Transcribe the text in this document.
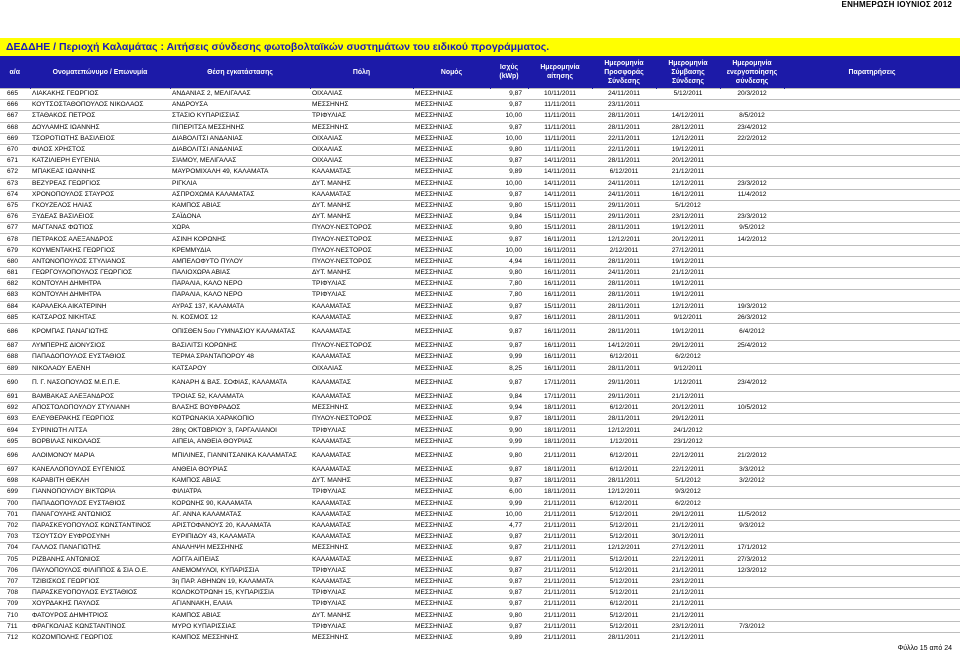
ΕΝΗΜΕΡΩΣΗ ΙΟΥΝΙΟΣ 2012
ΔΕΔΔΗΕ / Περιοχή Καλαμάτας : Αιτήσεις σύνδεσης φωτοβολταϊκών συστημάτων του ειδικού προγράμματος.
α/α	Ονοματεπώνυμο / Επωνυμία	Θέση εγκατάστασης	Πόλη	Νομός	Ισχύς (kWp)	Ημερομηνία αίτησης	Ημερομηνία Προσφοράς Σύνδεσης	Ημερομηνία Σύμβασης Σύνδεσης	Ημερομηνία ενεργοποίησης σύνδεσης	Παρατηρήσεις
665	ΛΙΑΚΑΚΗΣ ΓΕΩΡΓΙΟΣ	ΑΝΔΑΝΙΑΣ 2, ΜΕΛΙΓΑΛΑΣ	ΟΙΧΑΛΙΑΣ	ΜΕΣΣΗΝΙΑΣ	9,87	10/11/2011	24/11/2011	5/12/2011	20/3/2012	
666	ΚΟΥΤΣΟΣΤΑΘΟΠΟΥΛΟΣ ΝΙΚΟΛΑΟΣ	ΑΝΔΡΟΥΣΑ	ΜΕΣΣΗΝΗΣ	ΜΕΣΣΗΝΙΑΣ	9,87	11/11/2011	23/11/2011			
667	ΣΤΑΘΑΚΟΣ ΠΕΤΡΟΣ	ΣΤΑΣΙΟ ΚΥΠΑΡΙΣΣΙΑΣ	ΤΡΙΦΥΛΙΑΣ	ΜΕΣΣΗΝΙΑΣ	10,00	11/11/2011	28/11/2011	14/12/2011	8/5/2012	
668	ΔΟΥΛΑΜΗΣ ΙΩΑΝΝΗΣ	ΠΙΠΕΡΙΤΣΑ ΜΕΣΣΗΝΗΣ	ΜΕΣΣΗΝΗΣ	ΜΕΣΣΗΝΙΑΣ	9,87	11/11/2011	28/11/2011	28/12/2011	23/4/2012	
669	ΤΣΟΡΟΤΙΩΤΗΣ ΒΑΣΙΛΕΙΟΣ	ΔΙΑΒΟΛΙΤΣΙ ΑΝΔΑΝΙΑΣ	ΟΙΧΑΛΙΑΣ	ΜΕΣΣΗΝΙΑΣ	10,00	11/11/2011	22/11/2011	12/12/2011	22/2/2012	
670	ΦΙΛΟΣ ΧΡΗΣΤΟΣ	ΔΙΑΒΟΛΙΤΣΙ ΑΝΔΑΝΙΑΣ	ΟΙΧΑΛΙΑΣ	ΜΕΣΣΗΝΙΑΣ	9,80	11/11/2011	22/11/2011	19/12/2011		
671	ΚΑΤΖΙΛΙΕΡΗ ΕΥΓΕΝΙΑ	ΣΙΑΜΟΥ, ΜΕΛΙΓΑΛΑΣ	ΟΙΧΑΛΙΑΣ	ΜΕΣΣΗΝΙΑΣ	9,87	14/11/2011	28/11/2011	20/12/2011		
672	ΜΠΑΚΕΑΣ ΙΩΑΝΝΗΣ	ΜΑΥΡΟΜΙΧΑΛΗ 49, ΚΑΛΑΜΑΤΑ	ΚΑΛΑΜΑΤΑΣ	ΜΕΣΣΗΝΙΑΣ	9,89	14/11/2011	6/12/2011	21/12/2011		
673	ΒΕΖΥΡΕΑΣ ΓΕΩΡΓΙΟΣ	ΡΙΓΚΛΙΑ	ΔΥΤ. ΜΑΝΗΣ	ΜΕΣΣΗΝΙΑΣ	10,00	14/11/2011	24/11/2011	12/12/2011	23/3/2012	
674	ΧΡΟΝΟΠΟΥΛΟΣ ΣΤΑΥΡΟΣ	ΑΣΠΡΟΧΩΜΑ ΚΑΛΑΜΑΤΑΣ	ΚΑΛΑΜΑΤΑΣ	ΜΕΣΣΗΝΙΑΣ	9,87	14/11/2011	24/11/2011	16/12/2011	11/4/2012	
675	ΓΚΟΥΖΕΛΟΣ ΗΛΙΑΣ	ΚΑΜΠΟΣ ΑΒΙΑΣ	ΔΥΤ. ΜΑΝΗΣ	ΜΕΣΣΗΝΙΑΣ	9,80	15/11/2011	29/11/2011	5/1/2012		
676	ΞΥΔΕΑΣ ΒΑΣΙΛΕΙΟΣ	ΣΑΪΔΟΝΑ	ΔΥΤ. ΜΑΝΗΣ	ΜΕΣΣΗΝΙΑΣ	9,84	15/11/2011	29/11/2011	23/12/2011	23/3/2012	
677	ΜΑΓΓΑΝΑΣ ΦΩΤΙΟΣ	ΧΩΡΑ	ΠΥΛΟΥ-ΝΕΣΤΟΡΟΣ	ΜΕΣΣΗΝΙΑΣ	9,80	15/11/2011	28/11/2011	19/12/2011	9/5/2012	
678	ΠΕΤΡΑΚΟΣ ΑΛΕΞΑΝΔΡΟΣ	ΑΣΙΝΗ ΚΟΡΩΝΗΣ	ΠΥΛΟΥ-ΝΕΣΤΟΡΟΣ	ΜΕΣΣΗΝΙΑΣ	9,87	16/11/2011	12/12/2011	20/12/2011	14/2/2012	
679	ΚΟΥΜΕΝΤΑΚΗΣ ΓΕΩΡΓΙΟΣ	ΚΡΕΜΜΥΔΙΑ	ΠΥΛΟΥ-ΝΕΣΤΟΡΟΣ	ΜΕΣΣΗΝΙΑΣ	10,00	16/11/2011	2/12/2011	27/12/2011		
680	ΑΝΤΩΝΟΠΟΥΛΟΣ ΣΤΥΛΙΑΝΟΣ	ΑΜΠΕΛΟΦΥΤΟ ΠΥΛΟΥ	ΠΥΛΟΥ-ΝΕΣΤΟΡΟΣ	ΜΕΣΣΗΝΙΑΣ	4,94	16/11/2011	28/11/2011	19/12/2011		
681	ΓΕΩΡΓΟΥΛΟΠΟΥΛΟΣ ΓΕΩΡΓΙΟΣ	ΠΑΛΙΟΧΩΡΑ ΑΒΙΑΣ	ΔΥΤ. ΜΑΝΗΣ	ΜΕΣΣΗΝΙΑΣ	9,80	16/11/2011	24/11/2011	21/12/2011		
682	ΚΟΝΤΟΥΛΗ ΔΗΜΗΤΡΑ	ΠΑΡΑΛΙΑ, ΚΑΛΟ ΝΕΡΟ	ΤΡΙΦΥΛΙΑΣ	ΜΕΣΣΗΝΙΑΣ	7,80	16/11/2011	28/11/2011	19/12/2011		
683	ΚΟΝΤΟΥΛΗ ΔΗΜΗΤΡΑ	ΠΑΡΑΛΙΑ, ΚΑΛΟ ΝΕΡΟ	ΤΡΙΦΥΛΙΑΣ	ΜΕΣΣΗΝΙΑΣ	7,80	16/11/2011	28/11/2011	19/12/2011		
684	ΚΑΡΑΛΕΚΑ ΑΙΚΑΤΕΡΙΝΗ	ΑΥΡΑΣ 137, ΚΑΛΑΜΑΤΑ	ΚΑΛΑΜΑΤΑΣ	ΜΕΣΣΗΝΙΑΣ	9,87	15/11/2011	28/11/2011	12/12/2011	19/3/2012	
685	ΚΑΤΣΑΡΟΣ ΝΙΚΗΤΑΣ	Ν. ΚΟΣΜΟΣ 12	ΚΑΛΑΜΑΤΑΣ	ΜΕΣΣΗΝΙΑΣ	9,87	16/11/2011	28/11/2011	9/12/2011	26/3/2012	
686	ΚΡΟΜΠΑΣ ΠΑΝΑΓΙΩΤΗΣ	ΟΠΙΣΘΕΝ 5ου ΓΥΜΝΑΣΙΟΥ ΚΑΛΑΜΑΤΑΣ	ΚΑΛΑΜΑΤΑΣ	ΜΕΣΣΗΝΙΑΣ	9,87	16/11/2011	28/11/2011	19/12/2011	6/4/2012	
687	ΛΥΜΠΕΡΗΣ ΔΙΟΝΥΣΙΟΣ	ΒΑΣΙΛΙΤΣΙ ΚΟΡΩΝΗΣ	ΠΥΛΟΥ-ΝΕΣΤΟΡΟΣ	ΜΕΣΣΗΝΙΑΣ	9,87	16/11/2011	14/12/2011	29/12/2011	25/4/2012	
688	ΠΑΠΑΔΟΠΟΥΛΟΣ ΕΥΣΤΑΘΙΟΣ	ΤΕΡΜΑ ΣΡΑΝΤΑΠΟΡΟΥ 48	ΚΑΛΑΜΑΤΑΣ	ΜΕΣΣΗΝΙΑΣ	9,99	16/11/2011	6/12/2011	6/2/2012		
689	ΝΙΚΟΛΑΟΥ ΕΛΕΝΗ	ΚΑΤΣΑΡΟΥ	ΟΙΧΑΛΙΑΣ	ΜΕΣΣΗΝΙΑΣ	8,25	16/11/2011	28/11/2011	9/12/2011		
690	Π. Γ. ΝΑΣΟΠΟΥΛΟΣ Μ.Ε.Π.Ε.	ΚΑΝΑΡΗ & ΒΑΣ. ΣΟΦΙΑΣ, ΚΑΛΑΜΑΤΑ	ΚΑΛΑΜΑΤΑΣ	ΜΕΣΣΗΝΙΑΣ	9,87	17/11/2011	29/11/2011	1/12/2011	23/4/2012	
691	ΒΑΜΒΑΚΑΣ ΑΛΕΞΑΝΔΡΟΣ	ΤΡΟΙΑΣ 52, ΚΑΛΑΜΑΤΑ	ΚΑΛΑΜΑΤΑΣ	ΜΕΣΣΗΝΙΑΣ	9,84	17/11/2011	29/11/2011	21/12/2011		
692	ΑΠΟΣΤΟΛΟΠΟΥΛΟΥ ΣΤΥΛΙΑΝΗ	ΒΛΑΣΗΣ ΒΟΥΦΡΑΔΟΣ	ΜΕΣΣΗΝΗΣ	ΜΕΣΣΗΝΙΑΣ	9,94	18/11/2011	6/12/2011	20/12/2011	10/5/2012	
693	ΕΛΕΥΘΕΡΑΚΗΣ ΓΕΩΡΓΙΟΣ	ΚΟΤΡΩΝΑΚΙΑ ΧΑΡΑΚΟΠΙΟ	ΠΥΛΟΥ-ΝΕΣΤΟΡΟΣ	ΜΕΣΣΗΝΙΑΣ	9,87	18/11/2011	28/11/2011	29/12/2011		
694	ΣΥΡΙΝΙΩΤΗ ΛΙΤΣΑ	28ης ΟΚΤΩΒΡΙΟΥ 3, ΓΑΡΓΑΛΙΑΝΟΙ	ΤΡΙΦΥΛΙΑΣ	ΜΕΣΣΗΝΙΑΣ	9,90	18/11/2011	12/12/2011	24/1/2012		
695	ΒΟΡΒΙΛΑΣ ΝΙΚΟΛΑΟΣ	ΑΙΠΕΙΑ, ΑΝΘΕΙΑ ΘΟΥΡΙΑΣ	ΚΑΛΑΜΑΤΑΣ	ΜΕΣΣΗΝΙΑΣ	9,99	18/11/2011	1/12/2011	23/1/2012		
696	ΑΛΟΙΜΟΝΟΥ ΜΑΡΙΑ	ΜΠΙΛΙΝΕΣ, ΓΙΑΝΝΙΤΣΑΝΙΚΑ ΚΑΛΑΜΑΤΑΣ	ΚΑΛΑΜΑΤΑΣ	ΜΕΣΣΗΝΙΑΣ	9,80	21/11/2011	6/12/2011	22/12/2011	21/2/2012	
697	ΚΑΝΕΛΛΟΠΟΥΛΟΣ ΕΥΓΕΝΙΟΣ	ΑΝΘΕΙΑ ΘΟΥΡΙΑΣ	ΚΑΛΑΜΑΤΑΣ	ΜΕΣΣΗΝΙΑΣ	9,87	18/11/2011	6/12/2011	22/12/2011	3/3/2012	
698	ΚΑΡΑΒΙΤΗ ΘΕΚΛΗ	ΚΑΜΠΟΣ ΑΒΙΑΣ	ΔΥΤ. ΜΑΝΗΣ	ΜΕΣΣΗΝΙΑΣ	9,87	18/11/2011	28/11/2011	5/1/2012	3/2/2012	
699	ΓΙΑΝΝΟΠΟΥΛΟΥ ΒΙΚΤΩΡΙΑ	ΦΙΛΙΑΤΡΑ	ΤΡΙΦΥΛΙΑΣ	ΜΕΣΣΗΝΙΑΣ	6,00	18/11/2011	12/12/2011	9/3/2012		
700	ΠΑΠΑΔΟΠΟΥΛΟΣ ΕΥΣΤΑΘΙΟΣ	ΚΟΡΩΝΗΣ 90, ΚΑΛΑΜΑΤΑ	ΚΑΛΑΜΑΤΑΣ	ΜΕΣΣΗΝΙΑΣ	9,99	21/11/2011	6/12/2011	6/2/2012		
701	ΠΑΝΑΓΟΥΛΗΣ ΑΝΤΩΝΙΟΣ	ΑΓ. ΑΝΝΑ ΚΑΛΑΜΑΤΑΣ	ΚΑΛΑΜΑΤΑΣ	ΜΕΣΣΗΝΙΑΣ	10,00	21/11/2011	5/12/2011	29/12/2011	11/5/2012	
702	ΠΑΡΑΣΚΕΥΟΠΟΥΛΟΣ ΚΩΝΣΤΑΝΤΙΝΟΣ	ΑΡΙΣΤΟΦΑΝΟΥΣ 20, ΚΑΛΑΜΑΤΑ	ΚΑΛΑΜΑΤΑΣ	ΜΕΣΣΗΝΙΑΣ	4,77	21/11/2011	5/12/2011	21/12/2011	9/3/2012	
703	ΤΣΟΥΤΣΟΥ ΕΥΦΡΟΣΥΝΗ	ΕΥΡΙΠΙΔΟΥ 43, ΚΑΛΑΜΑΤΑ	ΚΑΛΑΜΑΤΑΣ	ΜΕΣΣΗΝΙΑΣ	9,87	21/11/2011	5/12/2011	30/12/2011		
704	ΓΑΛΛΟΣ ΠΑΝΑΓΙΩΤΗΣ	ΑΝΑΛΗΨΗ ΜΕΣΣΗΝΗΣ	ΜΕΣΣΗΝΗΣ	ΜΕΣΣΗΝΙΑΣ	9,87	21/11/2011	12/12/2011	27/12/2011	17/1/2012	
705	ΡΙΖΒΑΝΗΣ ΑΝΤΩΝΙΟΣ	ΛΟΓΓΑ ΑΙΠΕΙΑΣ	ΚΑΛΑΜΑΤΑΣ	ΜΕΣΣΗΝΙΑΣ	9,87	21/11/2011	5/12/2011	22/12/2011	27/3/2012	
706	ΠΑΥΛΟΠΟΥΛΟΣ ΦΙΛΙΠΠΟΣ & ΣΙΑ Ο.Ε.	ΑΝΕΜΟΜΥΛΟΙ, ΚΥΠΑΡΙΣΣΙΑ	ΤΡΙΦΥΛΙΑΣ	ΜΕΣΣΗΝΙΑΣ	9,87	21/11/2011	5/12/2011	21/12/2011	12/3/2012	
707	ΤΖΙΒΙΣΚΟΣ ΓΕΩΡΓΙΟΣ	3η ΠΑΡ. ΑΘΗΝΩΝ 19, ΚΑΛΑΜΑΤΑ	ΚΑΛΑΜΑΤΑΣ	ΜΕΣΣΗΝΙΑΣ	9,87	21/11/2011	5/12/2011	23/12/2011		
708	ΠΑΡΑΣΚΕΥΟΠΟΥΛΟΣ ΕΥΣΤΑΘΙΟΣ	ΚΟΛΟΚΟΤΡΩΝΗ 15, ΚΥΠΑΡΙΣΣΙΑ	ΤΡΙΦΥΛΙΑΣ	ΜΕΣΣΗΝΙΑΣ	9,87	21/11/2011	5/12/2011	21/12/2011		
709	ΧΟΥΡΔΑΚΗΣ ΠΑΥΛΟΣ	ΑΓΙΑΝΝΑΚΗ, ΕΛΑΙΑ	ΤΡΙΦΥΛΙΑΣ	ΜΕΣΣΗΝΙΑΣ	9,87	21/11/2011	6/12/2011	21/12/2011		
710	ΦΑΤΟΥΡΟΣ ΔΗΜΗΤΡΙΟΣ	ΚΑΜΠΟΣ ΑΒΙΑΣ	ΔΥΤ. ΜΑΝΗΣ	ΜΕΣΣΗΝΙΑΣ	9,80	21/11/2011	5/12/2011	21/12/2011		
711	ΦΡΑΓΚΟΛΙΑΣ ΚΩΝΣΤΑΝΤΙΝΟΣ	ΜΥΡΟ ΚΥΠΑΡΙΣΣΙΑΣ	ΤΡΙΦΥΛΙΑΣ	ΜΕΣΣΗΝΙΑΣ	9,87	21/11/2011	5/12/2011	23/12/2011	7/3/2012	
712	ΚΟΖΟΜΠΟΛΗΣ ΓΕΩΡΓΙΟΣ	ΚΑΜΠΟΣ ΜΕΣΣΗΝΗΣ	ΜΕΣΣΗΝΗΣ	ΜΕΣΣΗΝΙΑΣ	9,89	21/11/2011	28/11/2011	21/12/2011		
Φύλλο 15 από 24
